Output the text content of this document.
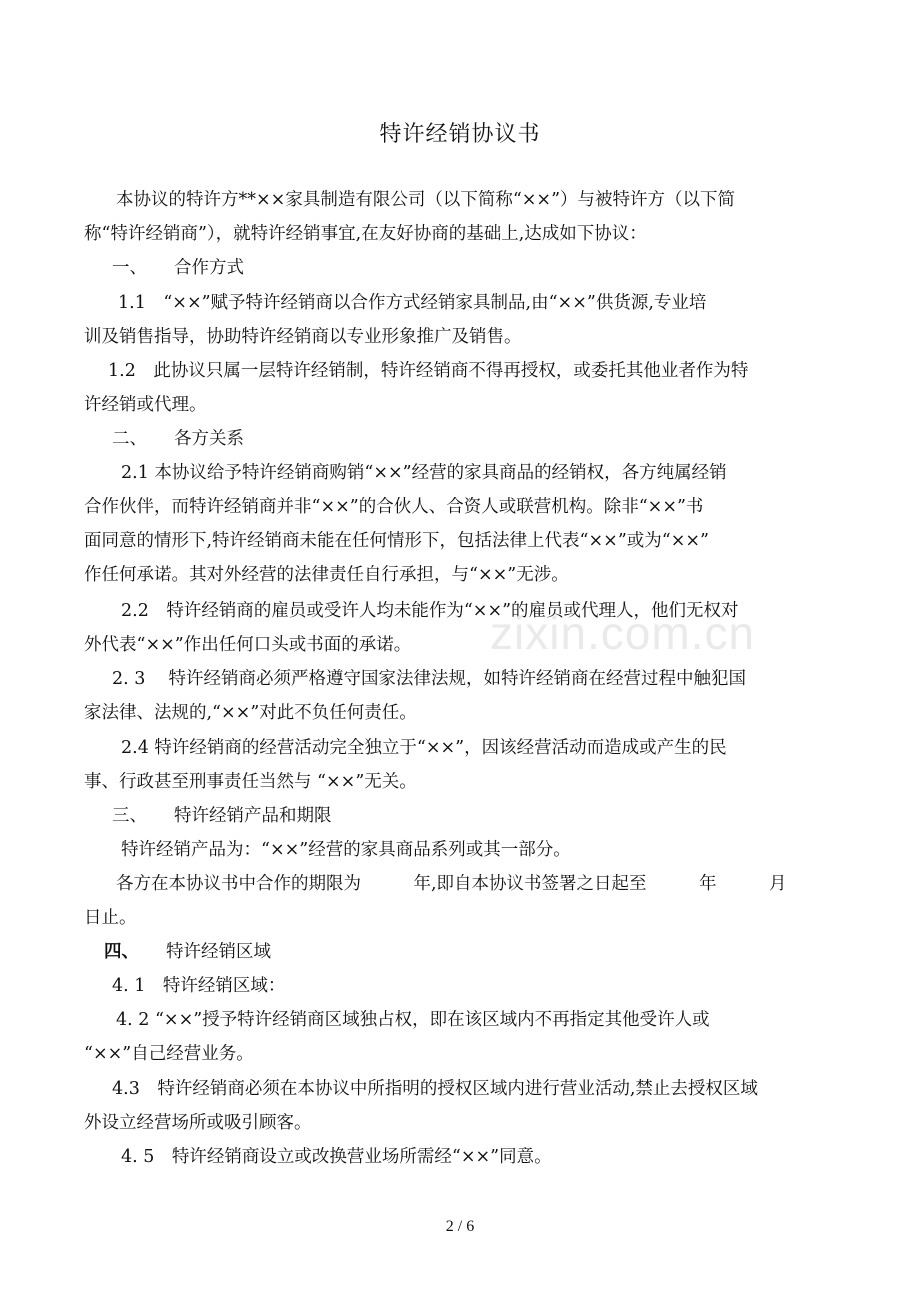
特许经销协议书
本协议的特许方**××家具制造有限公司（以下简称“××”）与被特许方（以下简
称“特许经销商”），就特许经销事宜,在友好协商的基础上,达成如下协议：
一、 合作方式
1.1　“××”赋予特许经销商以合作方式经销家具制品,由“××”供货源,专业培
训及销售指导，协助特许经销商以专业形象推广及销售。
1.2　此协议只属一层特许经销制，特许经销商不得再授权，或委托其他业者作为特
许经销或代理。
二、 各方关系
2.1 本协议给予特许经销商购销“××”经营的家具商品的经销权，各方纯属经销
合作伙伴，而特许经销商并非“××”的合伙人、合资人或联营机构。除非“××”书
面同意的情形下,特许经销商未能在任何情形下，包括法律上代表“××”或为“××”
作任何承诺。其对外经营的法律责任自行承担，与“××”无涉。
2.2　特许经销商的雇员或受许人均未能作为“××”的雇员或代理人，他们无权对
外代表“××”作出任何口头或书面的承诺。
2. 3　 特许经销商必须严格遵守国家法律法规，如特许经销商在经营过程中触犯国
家法律、法规的,“××”对此不负任何责任。
2.4 特许经销商的经营活动完全独立于“××”，因该经营活动而造成或产生的民
事、行政甚至刑事责任当然与 “××”无关。
三、 特许经销产品和期限
特许经销产品为：“××”经营的家具商品系列或其一部分。
各方在本协议书中合作的期限为　　　年,即自本协议书签署之日起至　　　年　　　月
日止。
四、 特许经销区域
4. 1　特许经销区域：
4. 2 “××”授予特许经销商区域独占权，即在该区域内不再指定其他受许人或
“××”自己经营业务。
4.3　特许经销商必须在本协议中所指明的授权区域内进行营业活动,禁止去授权区域
外设立经营场所或吸引顾客。
4. 5　特许经销商设立或改换营业场所需经“××”同意。
zixin.com.cn
2 / 6
